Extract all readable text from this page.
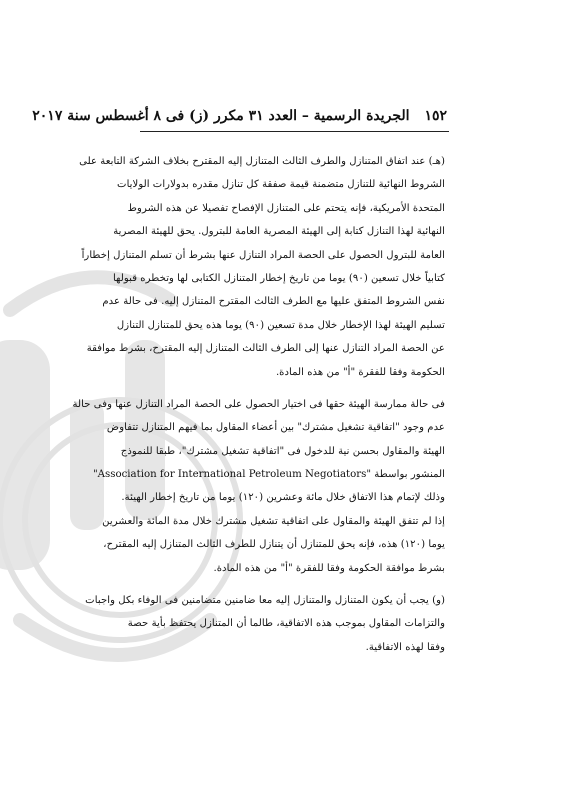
١٥٢ الجريدة الرسمية – العدد ٣١ مكرر (ز) فى ٨ أغسطس سنة ٢٠١٧
(هـ) عند اتفاق المتنازل والطرف الثالث المتنازل إليه المقترح بخلاف الشركة التابعة على
الشروط النهائية للتنازل متضمنة قيمة صفقة كل تنازل مقدره بدولارات الولايات
المتحدة الأمريكية، فإنه يتحتم على المتنازل الإفصاح تفصيلا عن هذه الشروط
النهائية لهذا التنازل كتابة إلى الهيئة المصرية العامة للبترول. يحق للهيئة المصرية
العامة للبترول الحصول على الحصة المراد التنازل عنها بشرط أن تسلم المتنازل إخطاراً
كتابياً خلال تسعين (٩٠) يوما من تاريخ إخطار المتنازل الكتابى لها وتخطره قبولها
نفس الشروط المتفق عليها مع الطرف الثالث المقترح المتنازل إليه. فى حالة عدم
تسليم الهيئة لهذا الإخطار خلال مدة تسعين (٩٠) يوما هذه يحق للمتنازل التنازل
عن الحصة المراد التنازل عنها إلى الطرف الثالث المتنازل إليه المقترح، بشرط موافقة
الحكومة وفقا للفقرة "أ" من هذه المادة.
فى حالة ممارسة الهيئة حقها فى اختيار الحصول على الحصة المراد التنازل عنها وفى حالة
عدم وجود "اتفاقية تشغيل مشترك" بين أعضاء المقاول بما فيهم المتنازل تتفاوض
الهيئة والمقاول بحسن نية للدخول فى "اتفاقية تشغيل مشترك"، طبقا للنموذج
المنشور بواسطة "Association for International Petroleum Negotiators"
وذلك لإتمام هذا الاتفاق خلال مائة وعشرين (١٢٠) يوما من تاريخ إخطار الهيئة.
إذا لم تتفق الهيئة والمقاول على اتفاقية تشغيل مشترك خلال مدة المائة والعشرين
يوما (١٢٠) هذه، فإنه يحق للمتنازل أن يتنازل للطرف الثالث المتنازل إليه المقترح،
بشرط موافقة الحكومة وفقا للفقرة "أ" من هذه المادة.
(و) يجب أن يكون المتنازل والمتنازل إليه معا ضامنين متضامنين فى الوفاء بكل واجبات
والتزامات المقاول بموجب هذه الاتفاقية، طالما أن المتنازل يحتفظ بأية حصة
وفقا لهذه الاتفاقية.
